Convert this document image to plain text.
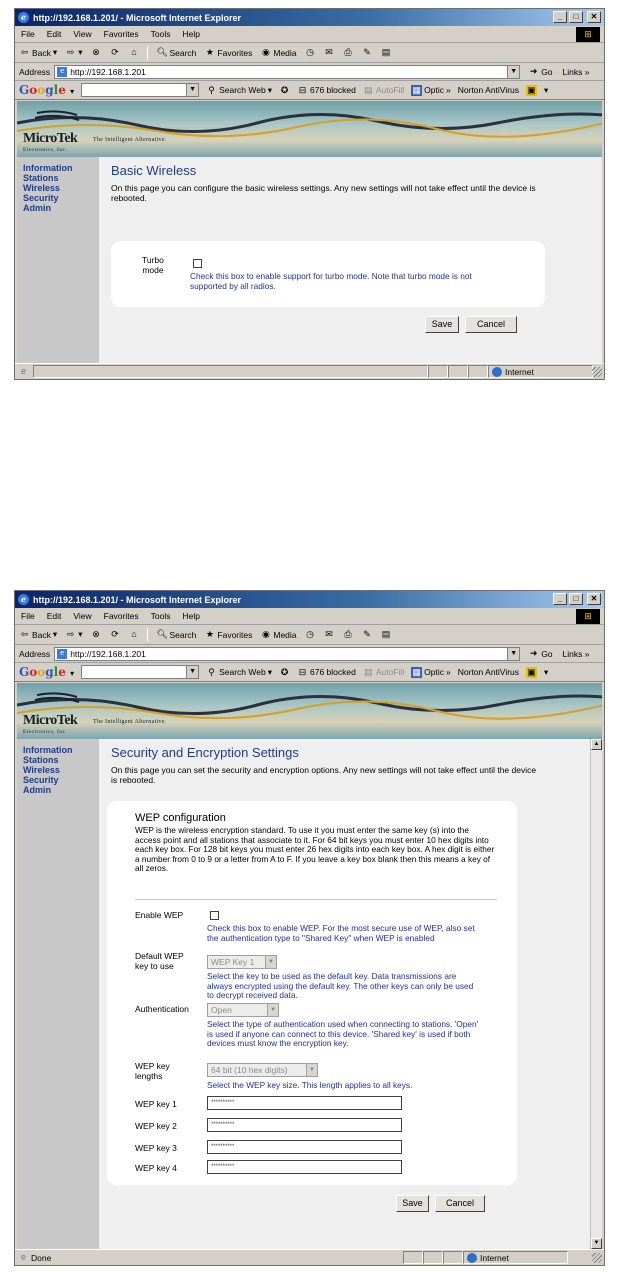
e http://192.168.1.201/ - Microsoft Internet Explorer	_	□	✕
File Edit View Favorites Tools Help	⊞
⇦ Back ▾ ⇨ ▾ ⊗ ⟳	⌂	🔍︎ Search ★ Favorites ◉ Media ◷ ✉ ⎙ ✎ ▤
Address	e http://192.168.1.201	▼ ➜ Go Links »
Google ▾	▼ ⚲ Search Web ▾ ✪ ⊟ 676 blocked ▤ AutoFill ▦ Optic » Norton AntiVirus ▣ ▾
MicroTek
Electronics, Inc.
The Intelligent Alternative.
Information
Stations
Wireless
Security
Admin
Basic Wireless
On this page you can configure the basic wireless settings. Any new settings will not take effect until the device is rebooted.
Turbo
mode
Check this box to enable support for turbo mode. Note that turbo mode is not supported by all radios.
Save	Cancel
e	Internet
e http://192.168.1.201/ - Microsoft Internet Explorer	_	□	✕
File Edit View Favorites Tools Help	⊞
⇦ Back ▾ ⇨ ▾ ⊗ ⟳	⌂	🔍︎ Search ★ Favorites ◉ Media ◷ ✉ ⎙ ✎ ▤
Address	e http://192.168.1.201	▼ ➜ Go Links »
Google ▾	▼ ⚲ Search Web ▾ ✪ ⊟ 676 blocked ▤ AutoFill ▦ Optic » Norton AntiVirus ▣ ▾
MicroTek
Electronics, Inc.
The Intelligent Alternative.
Information
Stations
Wireless
Security
Admin
Security and Encryption Settings
On this page you can set the security and encryption options. Any new settings will not take effect until the device is rebooted.
WEP configuration
WEP is the wireless encryption standard. To use it you must enter the same key (s) into the access point and all stations that associate to it. For 64 bit keys you must enter 10 hex digits into each key box. For 128 bit keys you must enter 26 hex digits into each key box. A hex digit is either a number from 0 to 9 or a letter from A to F. If you leave a key box blank then this means a key of all zeros.
Enable WEP
Check this box to enable WEP. For the most secure use of WEP, also set the authentication type to "Shared Key" when WEP is enabled
Default WEP
key to use	WEP Key 1	▼
Select the key to be used as the default key. Data transmissions are always encrypted using the default key. The other keys can only be used to decrypt received data.
Authentication	Open	▼
Select the type of authentication used when connecting to stations. 'Open' is used if anyone can connect to this device. 'Shared key' is used if both devices must know the encryption key.
WEP key
lengths
64 bit (10 hex digits)	▼
Select the WEP key size. This length applies to all keys.
WEP key 1	**********
WEP key 2	**********
WEP key 3	**********
WEP key 4	**********
Save	Cancel
▲
▼
e Done	Internet
